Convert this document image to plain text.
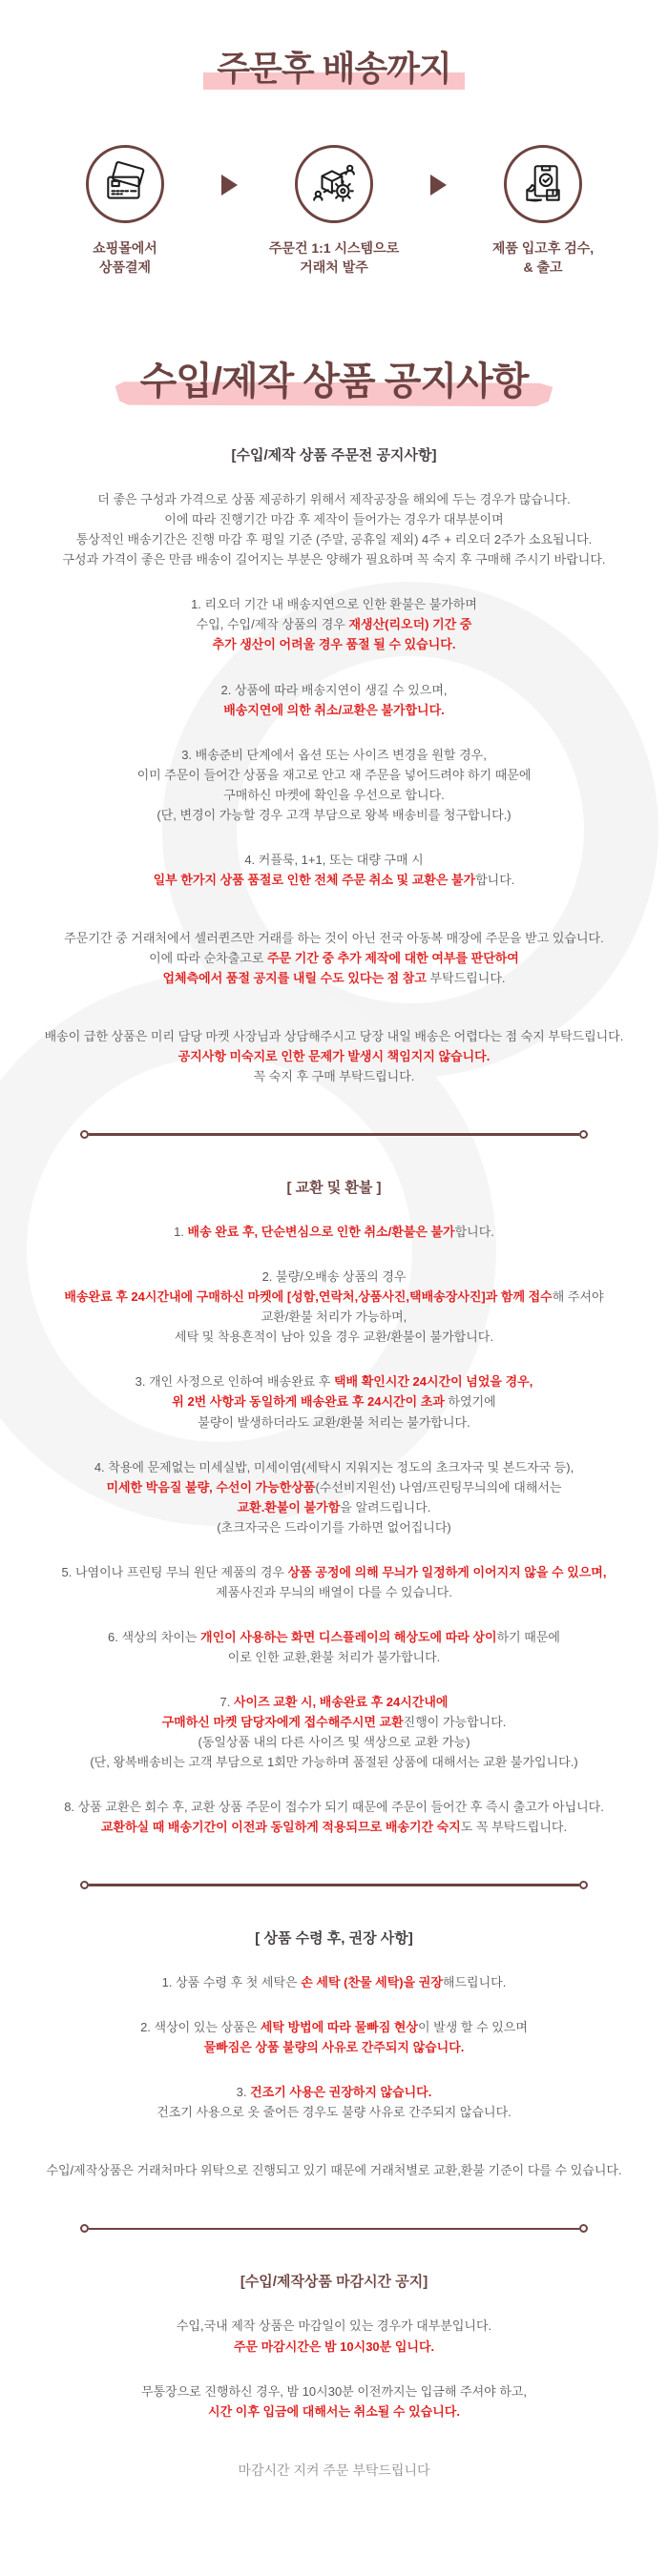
주문후 배송까지
쇼핑몰에서
상품결제
주문건 1:1 시스템으로
거래처 발주
제품 입고후 검수,
& 출고
수입/제작 상품 공지사항
[수입/제작 상품 주문전 공지사항]

더 좋은 구성과 가격으로 상품 제공하기 위해서 제작공장을 해외에 두는 경우가 많습니다.
이에 따라 진행기간 마감 후 제작이 들어가는 경우가 대부분이며
통상적인 배송기간은 진행 마감 후 평일 기준 (주말, 공휴일 제외) 4주 + 리오더 2주가 소요됩니다.
구성과 가격이 좋은 만큼 배송이 길어지는 부분은 양해가 필요하며 꼭 숙지 후 구매해 주시기 바랍니다.

1. 리오더 기간 내 배송지연으로 인한 환불은 불가하며
수입, 수입/제작 상품의 경우 재생산(리오더) 기간 중
추가 생산이 어려울 경우 품절 될 수 있습니다.

2. 상품에 따라 배송지연이 생길 수 있으며,
배송지연에 의한 취소/교환은 불가합니다.

3. 배송준비 단계에서 옵션 또는 사이즈 변경을 원할 경우,
이미 주문이 들어간 상품을 재고로 안고 재 주문을 넣어드려야 하기 때문에
구매하신 마켓에 확인을 우선으로 합니다.
(단, 변경이 가능할 경우 고객 부담으로 왕복 배송비를 청구합니다.)

4. 커플룩, 1+1, 또는 대량 구매 시
일부 한가지 상품 품절로 인한 전체 주문 취소 및 교환은 불가합니다.

주문기간 중 거래처에서 셀러퀸즈만 거래를 하는 것이 아닌 전국 아동복 매장에 주문을 받고 있습니다.
이에 따라 순차출고로 주문 기간 중 추가 제작에 대한 여부를 판단하여
업체측에서 품절 공지를 내릴 수도 있다는 점 참고 부탁드립니다.

배송이 급한 상품은 미리 담당 마켓 사장님과 상담해주시고 당장 내일 배송은 어렵다는 점 숙지 부탁드립니다.
공지사항 미숙지로 인한 문제가 발생시 책임지지 않습니다.
꼭 숙지 후 구매 부탁드립니다.

[ 교환 및 환불 ]

1. 배송 완료 후, 단순변심으로 인한 취소/환불은 불가합니다.

2. 불량/오배송 상품의 경우
배송완료 후 24시간내에 구매하신 마켓에 [성함,연락처,상품사진,택배송장사진]과 함께 접수해 주셔야
교환/환불 처리가 가능하며,
세탁 및 착용흔적이 남아 있을 경우 교환/환불이 불가합니다.

3. 개인 사정으로 인하여 배송완료 후 택배 확인시간 24시간이 넘었을 경우,
위 2번 사항과 동일하게 배송완료 후 24시간이 초과 하였기에
불량이 발생하더라도 교환/환불 처리는 불가합니다.

4. 착용에 문제없는 미세실밥, 미세이염(세탁시 지워지는 정도의 초크자국 및 본드자국 등),
미세한 박음질 불량, 수선이 가능한상품(수선비지원선) 나염/프린팅무늬의에 대해서는
교환.환불이 불가함을 알려드립니다.
(초크자국은 드라이기를 가하면 없어집니다)

5. 나염이나 프린팅 무늬 원단 제품의 경우 상품 공정에 의해 무늬가 일정하게 이어지지 않을 수 있으며,
제품사진과 무늬의 배열이 다를 수 있습니다.

6. 색상의 차이는 개인이 사용하는 화면 디스플레이의 해상도에 따라 상이하기 때문에
이로 인한 교환,환불 처리가 불가합니다.

7. 사이즈 교환 시, 배송완료 후 24시간내에
구매하신 마켓 담당자에게 접수해주시면 교환진행이 가능합니다.
(동일상품 내의 다른 사이즈 및 색상으로 교환 가능)
(단, 왕복배송비는 고객 부담으로 1회만 가능하며 품절된 상품에 대해서는 교환 불가입니다.)

8. 상품 교환은 회수 후, 교환 상품 주문이 접수가 되기 때문에 주문이 들어간 후 즉시 출고가 아닙니다.
교환하실 때 배송기간이 이전과 동일하게 적용되므로 배송기간 숙지도 꼭 부탁드립니다.

[ 상품 수령 후, 권장 사항]

1. 상품 수령 후 첫 세탁은 손 세탁 (찬물 세탁)을 권장해드립니다.

2. 색상이 있는 상품은 세탁 방법에 따라 물빠짐 현상이 발생 할 수 있으며
물빠짐은 상품 불량의 사유로 간주되지 않습니다.

3. 건조기 사용은 권장하지 않습니다.
건조기 사용으로 옷 줄어든 경우도 불량 사유로 간주되지 않습니다.

수입/제작상품은 거래처마다 위탁으로 진행되고 있기 때문에 거래처별로 교환,환불 기준이 다를 수 있습니다.

[수입/제작상품 마감시간 공지]

수입,국내 제작 상품은 마감일이 있는 경우가 대부분입니다.
주문 마감시간은 밤 10시30분 입니다.

무통장으로 진행하신 경우, 밤 10시30분 이전까지는 입금해 주셔야 하고,
시간 이후 입금에 대해서는 취소될 수 있습니다.

마감시간 지켜 주문 부탁드립니다
